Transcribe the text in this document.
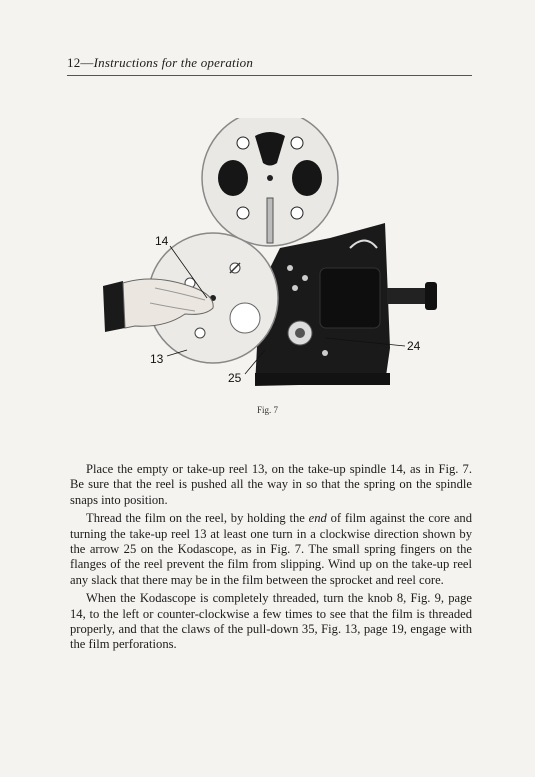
12—Instructions for the operation
14
13
25
24
Fig. 7

Place the empty or take-up reel 13, on the take-up spindle 14, as in Fig. 7. Be sure that the reel is pushed all the way in so that the spring on the spindle snaps into position.

Thread the film on the reel, by holding the end of film against the core and turning the take-up reel 13 at least one turn in a clockwise direction shown by the arrow 25 on the Kodascope, as in Fig. 7. The small spring fingers on the flanges of the reel prevent the film from slipping. Wind up on the take-up reel any slack that there may be in the film between the sprocket and reel core.

When the Kodascope is completely threaded, turn the knob 8, Fig. 9, page 14, to the left or counter-clockwise a few times to see that the film is threaded properly, and that the claws of the pull-down 35, Fig. 13, page 19, engage with the film perforations.
